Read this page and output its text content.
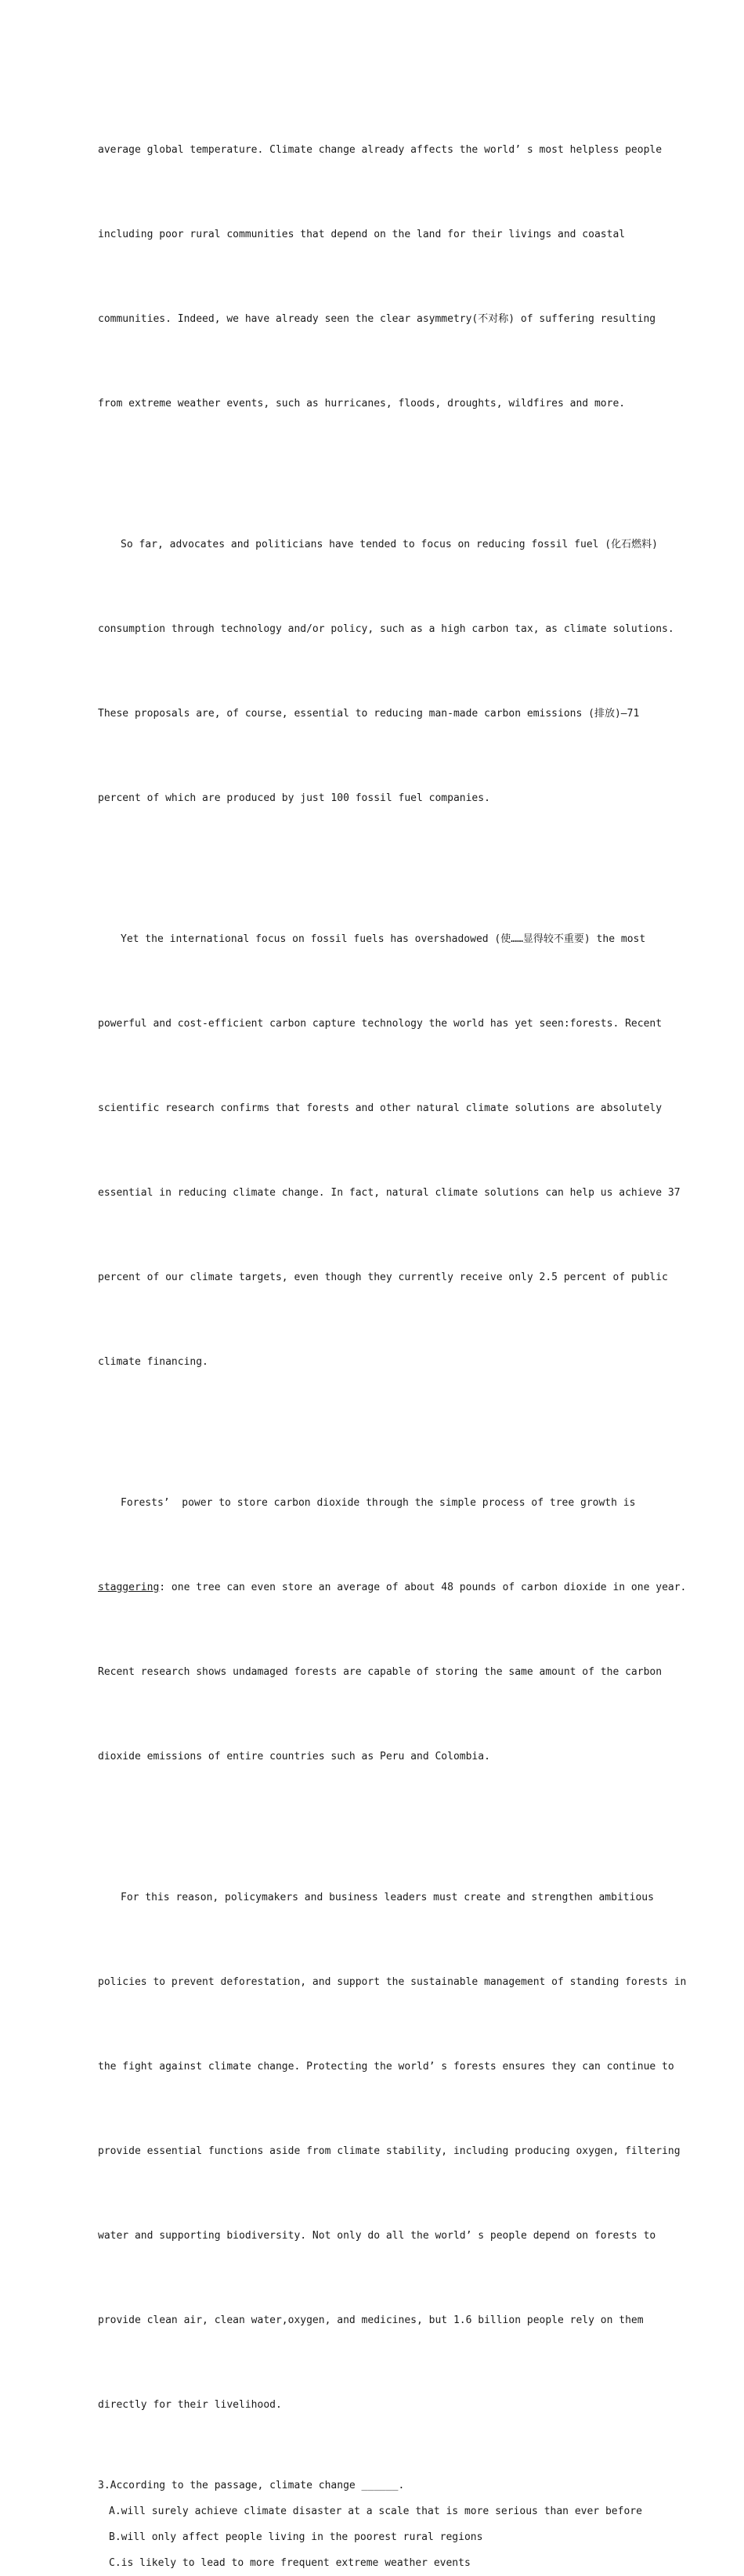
average global temperature. Climate change already affects the world’ s most helpless people

including poor rural communities that depend on the land for their livings and coastal

communities. Indeed, we have already seen the clear asymmetry(不对称) of suffering resulting

from extreme weather events, such as hurricanes, floods, droughts, wildfires and more.

So far, advocates and politicians have tended to focus on reducing fossil fuel (化石燃料)

consumption through technology and/or policy, such as a high carbon tax, as climate solutions.

These proposals are, of course, essential to reducing man-made carbon emissions (排放)—71

percent of which are produced by just 100 fossil fuel companies.

Yet the international focus on fossil fuels has overshadowed (使……显得较不重要) the most

powerful and cost-efficient carbon capture technology the world has yet seen:forests. Recent

scientific research confirms that forests and other natural climate solutions are absolutely

essential in reducing climate change. In fact, natural climate solutions can help us achieve 37

percent of our climate targets, even though they currently receive only 2.5 percent of public

climate financing.

Forests’  power to store carbon dioxide through the simple process of tree growth is

staggering: one tree can even store an average of about 48 pounds of carbon dioxide in one year.

Recent research shows undamaged forests are capable of storing the same amount of the carbon

dioxide emissions of entire countries such as Peru and Colombia.

For this reason, policymakers and business leaders must create and strengthen ambitious

policies to prevent deforestation, and support the sustainable management of standing forests in

the fight against climate change. Protecting the world’ s forests ensures they can continue to

provide essential functions aside from climate stability, including producing oxygen, filtering

water and supporting biodiversity. Not only do all the world’ s people depend on forests to

provide clean air, clean water,oxygen, and medicines, but 1.6 billion people rely on them

directly for their livelihood.

3.According to the passage, climate change ______.
A.will surely achieve climate disaster at a scale that is more serious than ever before
B.will only affect people living in the poorest rural regions
C.is likely to lead to more frequent extreme weather events
